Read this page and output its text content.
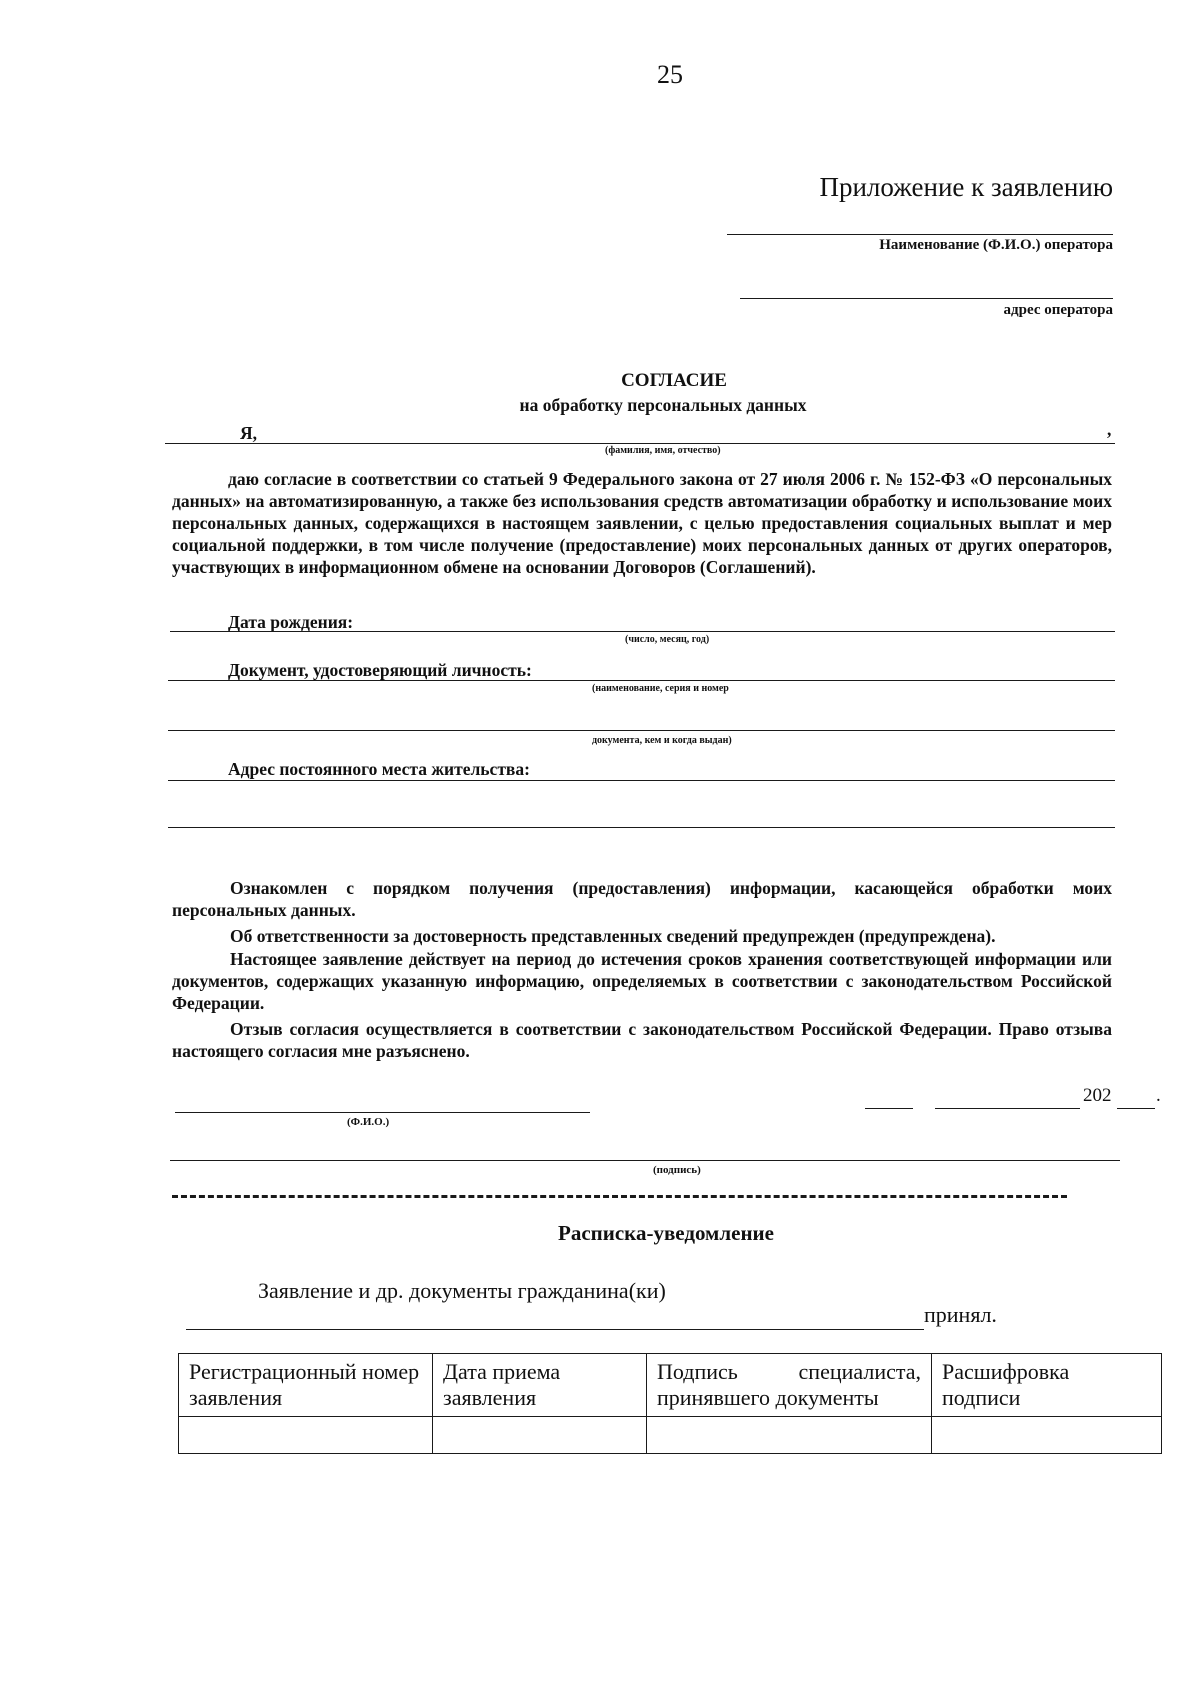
25
Приложение к заявлению
Наименование (Ф.И.О.) оператора
адрес оператора
СОГЛАСИЕ
на обработку персональных данных
Я,	,
(фамилия, имя, отчество)
даю согласие в соответствии со статьей 9 Федерального закона от 27 июля 2006 г. № 152-ФЗ «О персональных данных» на автоматизированную, а также без использования средств автоматизации обработку и использование моих персональных данных, содержащихся в настоящем заявлении, с целью предоставления социальных выплат и мер социальной поддержки, в том числе получение (предоставление) моих персональных данных от других операторов, участвующих в информационном обмене на основании Договоров (Соглашений).
Дата рождения:
(число, месяц, год)
Документ, удостоверяющий личность:
(наименование, серия и номер
документа, кем и когда выдан)
Адрес постоянного места жительства:
Ознакомлен с порядком получения (предоставления) информации, касающейся обработки моих персональных данных.
Об ответственности за достоверность представленных сведений предупрежден (предупреждена).
Настоящее заявление действует на период до истечения сроков хранения соответствующей информации или документов, содержащих указанную информацию, определяемых в соответствии с законодательством Российской Федерации.
Отзыв согласия осуществляется в соответствии с законодательством Российской Федерации. Право отзыва настоящего согласия мне разъяснено.
(Ф.И.О.)
202 .
(подпись)
Расписка-уведомление
Заявление и др. документы гражданина(ки)
принял.
Регистрационный номер заявления	Дата приема заявления	Подпись специалиста, принявшего документы	Расшифровка подписи
